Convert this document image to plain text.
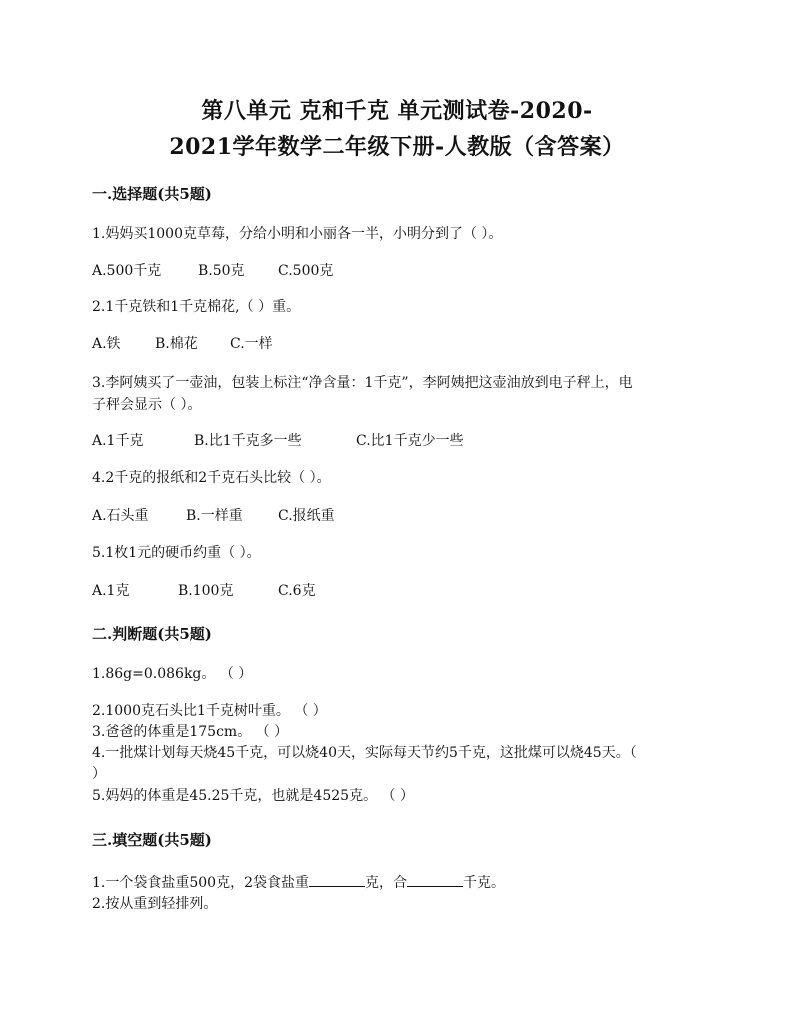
第八单元 克和千克 单元测试卷-2020-
2021学年数学二年级下册-人教版（含答案）
一.选择题(共5题)
1.妈妈买1000克草莓，分给小明和小丽各一半，小明分到了（ ）。
A.500千克	B.50克 C.500克
2.1千克铁和1千克棉花,（ ）重。
A.铁 B.棉花 C.一样
3.李阿姨买了一壶油，包装上标注“净含量：1千克”，李阿姨把这壶油放到电子秤上，电
子秤会显示（ ）。
A.1千克	B.比1千克多一些	C.比1千克少一些
4.2千克的报纸和2千克石头比较（ ）。
A.石头重	B.一样重	C.报纸重
5.1枚1元的硬币约重（ ）。
A.1克	B.100克	C.6克
二.判断题(共5题)
1.86g=0.086kg。 （ ）
2.1000克石头比1千克树叶重。 （ ）
3.爸爸的体重是175cm。 （ ）
4.一批煤计划每天烧45千克，可以烧40天，实际每天节约5千克，这批煤可以烧45天。（
）
5.妈妈的体重是45.25千克，也就是4525克。 （ ）
三.填空题(共5题)
1.一个袋食盐重500克，2袋食盐重	克，合	千克。
2.按从重到轻排列。
